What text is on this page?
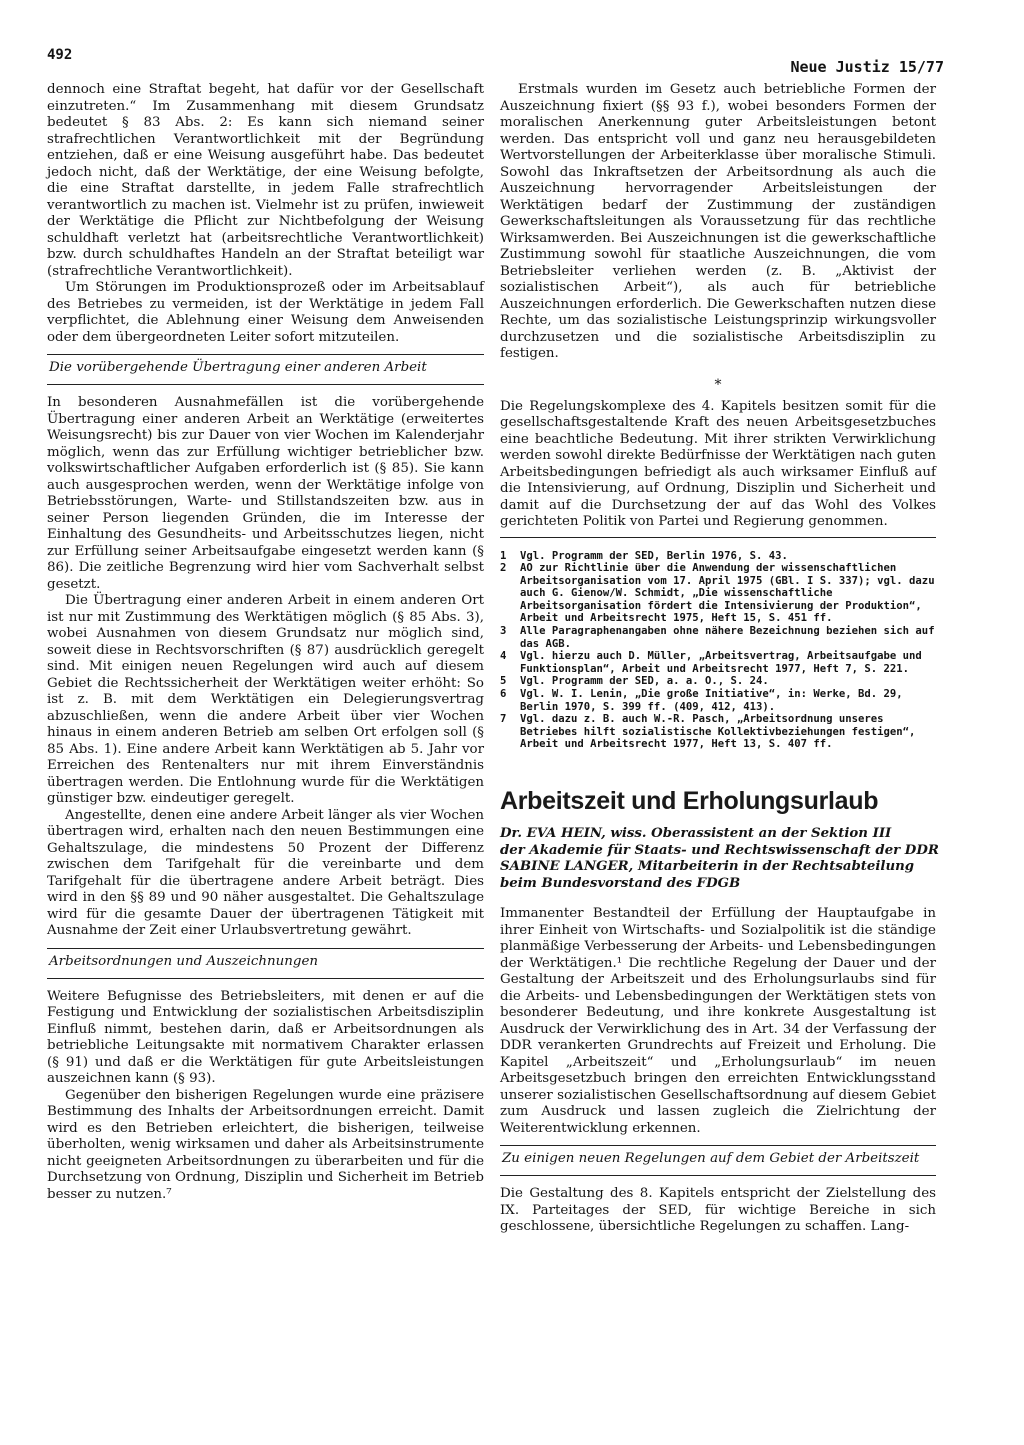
492
Neue Justiz 15/77

dennoch eine Straftat begeht, hat dafür vor der Gesellschaft einzutreten.“ Im Zusammenhang mit diesem Grundsatz bedeutet § 83 Abs. 2: Es kann sich niemand seiner strafrechtlichen Verantwortlichkeit mit der Begründung entziehen, daß er eine Weisung ausgeführt habe. Das bedeutet jedoch nicht, daß der Werktätige, der eine Weisung befolgte, die eine Straftat darstellte, in jedem Falle strafrechtlich verantwortlich zu machen ist. Vielmehr ist zu prüfen, inwieweit der Werktätige die Pflicht zur Nichtbefolgung der Weisung schuldhaft verletzt hat (arbeitsrechtliche Verantwortlichkeit) bzw. durch schuldhaftes Handeln an der Straftat beteiligt war (strafrechtliche Verantwortlichkeit).

Um Störungen im Produktionsprozeß oder im Arbeitsablauf des Betriebes zu vermeiden, ist der Werktätige in jedem Fall verpflichtet, die Ablehnung einer Weisung dem Anweisenden oder dem übergeordneten Leiter sofort mitzuteilen.

Die vorübergehende Übertragung einer anderen Arbeit

In besonderen Ausnahmefällen ist die vorübergehende Übertragung einer anderen Arbeit an Werktätige (erweitertes Weisungsrecht) bis zur Dauer von vier Wochen im Kalenderjahr möglich, wenn das zur Erfüllung wichtiger betrieblicher bzw. volkswirtschaftlicher Aufgaben erforderlich ist (§ 85). Sie kann auch ausgesprochen werden, wenn der Werktätige infolge von Betriebsstörungen, Warte- und Stillstandszeiten bzw. aus in seiner Person liegenden Gründen, die im Interesse der Einhaltung des Gesundheits- und Arbeitsschutzes liegen, nicht zur Erfüllung seiner Arbeitsaufgabe eingesetzt werden kann (§ 86). Die zeitliche Begrenzung wird hier vom Sachverhalt selbst gesetzt.

Die Übertragung einer anderen Arbeit in einem anderen Ort ist nur mit Zustimmung des Werktätigen möglich (§ 85 Abs. 3), wobei Ausnahmen von diesem Grundsatz nur möglich sind, soweit diese in Rechtsvorschriften (§ 87) ausdrücklich geregelt sind. Mit einigen neuen Regelungen wird auch auf diesem Gebiet die Rechtssicherheit der Werktätigen weiter erhöht: So ist z. B. mit dem Werktätigen ein Delegierungsvertrag abzuschließen, wenn die andere Arbeit über vier Wochen hinaus in einem anderen Betrieb am selben Ort erfolgen soll (§ 85 Abs. 1). Eine andere Arbeit kann Werktätigen ab 5. Jahr vor Erreichen des Rentenalters nur mit ihrem Einverständnis übertragen werden. Die Entlohnung wurde für die Werktätigen günstiger bzw. eindeutiger geregelt.

Angestellte, denen eine andere Arbeit länger als vier Wochen übertragen wird, erhalten nach den neuen Bestimmungen eine Gehaltszulage, die mindestens 50 Prozent der Differenz zwischen dem Tarifgehalt für die vereinbarte und dem Tarifgehalt für die übertragene andere Arbeit beträgt. Dies wird in den §§ 89 und 90 näher ausgestaltet. Die Gehaltszulage wird für die gesamte Dauer der übertragenen Tätigkeit mit Ausnahme der Zeit einer Urlaubsvertretung gewährt.

Arbeitsordnungen und Auszeichnungen

Weitere Befugnisse des Betriebsleiters, mit denen er auf die Festigung und Entwicklung der sozialistischen Arbeitsdisziplin Einfluß nimmt, bestehen darin, daß er Arbeitsordnungen als betriebliche Leitungsakte mit normativem Charakter erlassen (§ 91) und daß er die Werktätigen für gute Arbeitsleistungen auszeichnen kann (§ 93).

Gegenüber den bisherigen Regelungen wurde eine präzisere Bestimmung des Inhalts der Arbeitsordnungen erreicht. Damit wird es den Betrieben erleichtert, die bisherigen, teilweise überholten, wenig wirksamen und daher als Arbeitsinstrumente nicht geeigneten Arbeitsordnungen zu überarbeiten und für die Durchsetzung von Ordnung, Disziplin und Sicherheit im Betrieb besser zu nutzen.⁷

Erstmals wurden im Gesetz auch betriebliche Formen der Auszeichnung fixiert (§§ 93 f.), wobei besonders Formen der moralischen Anerkennung guter Arbeitsleistungen betont werden. Das entspricht voll und ganz neu herausgebildeten Wertvorstellungen der Arbeiterklasse über moralische Stimuli. Sowohl das Inkraftsetzen der Arbeitsordnung als auch die Auszeichnung hervorragender Arbeitsleistungen der Werktätigen bedarf der Zustimmung der zuständigen Gewerkschaftsleitungen als Voraussetzung für das rechtliche Wirksamwerden. Bei Auszeichnungen ist die gewerkschaftliche Zustimmung sowohl für staatliche Auszeichnungen, die vom Betriebsleiter verliehen werden (z. B. „Aktivist der sozialistischen Arbeit“), als auch für betriebliche Auszeichnungen erforderlich. Die Gewerkschaften nutzen diese Rechte, um das sozialistische Leistungsprinzip wirkungsvoller durchzusetzen und die sozialistische Arbeitsdisziplin zu festigen.

*

Die Regelungskomplexe des 4. Kapitels besitzen somit für die gesellschaftsgestaltende Kraft des neuen Arbeitsgesetzbuches eine beachtliche Bedeutung. Mit ihrer strikten Verwirklichung werden sowohl direkte Bedürfnisse der Werktätigen nach guten Arbeitsbedingungen befriedigt als auch wirksamer Einfluß auf die Intensivierung, auf Ordnung, Disziplin und Sicherheit und damit auf die Durchsetzung der auf das Wohl des Volkes gerichteten Politik von Partei und Regierung genommen.

1	Vgl. Programm der SED, Berlin 1976, S. 43.
2	AO zur Richtlinie über die Anwendung der wissenschaftlichen Arbeitsorganisation vom 17. April 1975 (GBl. I S. 337); vgl. dazu auch G. Gienow/W. Schmidt, „Die wissenschaftliche Arbeitsorganisation fördert die Intensivierung der Produktion“, Arbeit und Arbeitsrecht 1975, Heft 15, S. 451 ff.
3	Alle Paragraphenangaben ohne nähere Bezeichnung beziehen sich auf das AGB.
4	Vgl. hierzu auch D. Müller, „Arbeitsvertrag, Arbeitsaufgabe und Funktionsplan“, Arbeit und Arbeitsrecht 1977, Heft 7, S. 221.
5	Vgl. Programm der SED, a. a. O., S. 24.
6	Vgl. W. I. Lenin, „Die große Initiative“, in: Werke, Bd. 29, Berlin 1970, S. 399 ff. (409, 412, 413).
7	Vgl. dazu z. B. auch W.-R. Pasch, „Arbeitsordnung unseres Betriebes hilft sozialistische Kollektivbeziehungen festigen“, Arbeit und Arbeitsrecht 1977, Heft 13, S. 407 ff.
Arbeitszeit und Erholungsurlaub
Dr. EVA HEIN, wiss. Oberassistent an der Sektion III
der Akademie für Staats- und Rechtswissenschaft der DDR
SABINE LANGER, Mitarbeiterin in der Rechtsabteilung
beim Bundesvorstand des FDGB

Immanenter Bestandteil der Erfüllung der Hauptaufgabe in ihrer Einheit von Wirtschafts- und Sozialpolitik ist die ständige planmäßige Verbesserung der Arbeits- und Lebensbedingungen der Werktätigen.¹ Die rechtliche Regelung der Dauer und der Gestaltung der Arbeitszeit und des Erholungsurlaubs sind für die Arbeits- und Lebensbedingungen der Werktätigen stets von besonderer Bedeutung, und ihre konkrete Ausgestaltung ist Ausdruck der Verwirklichung des in Art. 34 der Verfassung der DDR verankerten Grundrechts auf Freizeit und Erholung. Die Kapitel „Arbeitszeit“ und „Erholungsurlaub“ im neuen Arbeitsgesetzbuch bringen den erreichten Entwicklungsstand unserer sozialistischen Gesellschaftsordnung auf diesem Gebiet zum Ausdruck und lassen zugleich die Zielrichtung der Weiterentwicklung erkennen.

Zu einigen neuen Regelungen auf dem Gebiet der Arbeitszeit

Die Gestaltung des 8. Kapitels entspricht der Zielstellung des IX. Parteitages der SED, für wichtige Bereiche in sich geschlossene, übersichtliche Regelungen zu schaffen. Lang-
